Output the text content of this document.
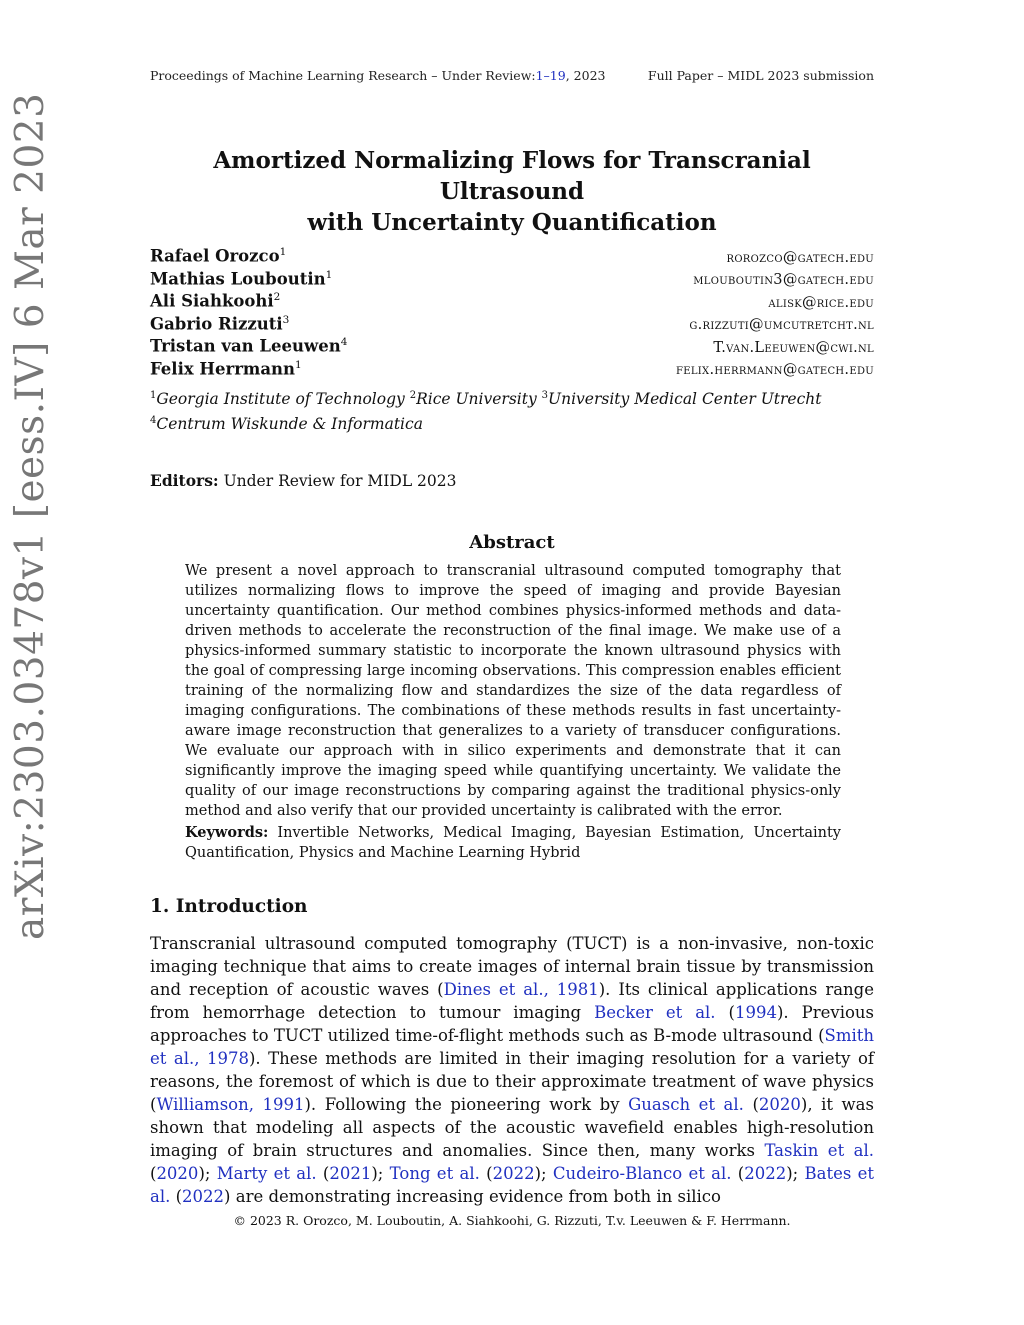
Proceedings of Machine Learning Research – Under Review:1–19, 2023	Full Paper – MIDL 2023 submission
arXiv:2303.03478v1 [eess.IV] 6 Mar 2023	Amortized Normalizing Flows for Transcranial Ultrasound
with Uncertainty Quantification
Rafael Orozco$^1$	rorozco@gatech.edu
Mathias Louboutin$^1$	mlouboutin3@gatech.edu
Ali Siahkoohi$^2$	alisk@rice.edu
Gabrio Rizzuti$^3$	g.rizzuti@umcutretcht.nl
Tristan van Leeuwen$^4$	T.van.Leeuwen@cwi.nl
Felix Herrmann$^1$	felix.herrmann@gatech.edu
$^1$Georgia Institute of Technology $^2$Rice University $^3$University Medical Center Utrecht
$^4$Centrum Wiskunde & Informatica
Editors: Under Review for MIDL 2023
Abstract
We present a novel approach to transcranial ultrasound computed tomography that utilizes normalizing flows to improve the speed of imaging and provide Bayesian uncertainty quantification. Our method combines physics-informed methods and data-driven methods to accelerate the reconstruction of the final image. We make use of a physics-informed summary statistic to incorporate the known ultrasound physics with the goal of compressing large incoming observations. This compression enables efficient training of the normalizing flow and standardizes the size of the data regardless of imaging configurations. The combinations of these methods results in fast uncertainty-aware image reconstruction that generalizes to a variety of transducer configurations. We evaluate our approach with in silico experiments and demonstrate that it can significantly improve the imaging speed while quantifying uncertainty. We validate the quality of our image reconstructions by comparing against the traditional physics-only method and also verify that our provided uncertainty is calibrated with the error.
Keywords: Invertible Networks, Medical Imaging, Bayesian Estimation, Uncertainty Quantification, Physics and Machine Learning Hybrid
1. Introduction
Transcranial ultrasound computed tomography (TUCT) is a non-invasive, non-toxic imaging technique that aims to create images of internal brain tissue by transmission and reception of acoustic waves (Dines et al., 1981). Its clinical applications range from hemorrhage detection to tumour imaging Becker et al. (1994). Previous approaches to TUCT utilized time-of-flight methods such as B-mode ultrasound (Smith et al., 1978). These methods are limited in their imaging resolution for a variety of reasons, the foremost of which is due to their approximate treatment of wave physics (Williamson, 1991). Following the pioneering work by Guasch et al. (2020), it was shown that modeling all aspects of the acoustic wavefield enables high-resolution imaging of brain structures and anomalies. Since then, many works Taskin et al. (2020); Marty et al. (2021); Tong et al. (2022); Cudeiro-Blanco et al. (2022); Bates et al. (2022) are demonstrating increasing evidence from both in silico
© 2023 R. Orozco, M. Louboutin, A. Siahkoohi, G. Rizzuti, T.v. Leeuwen & F. Herrmann.
